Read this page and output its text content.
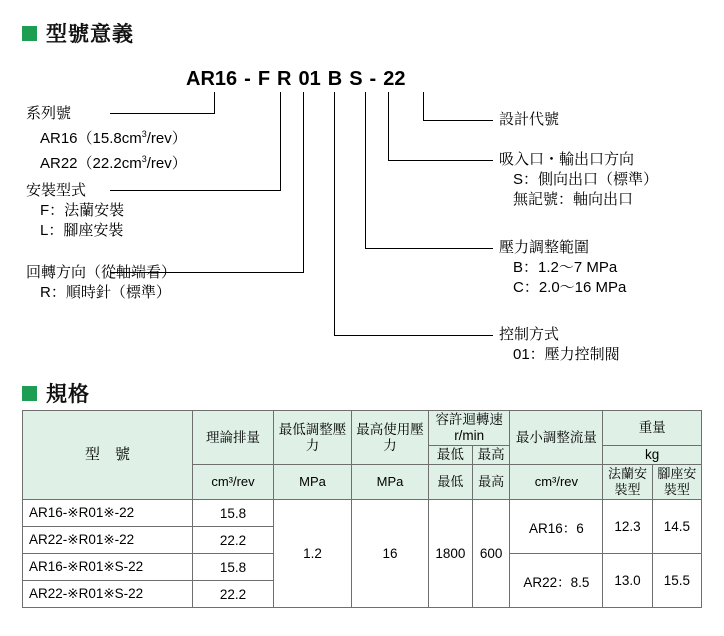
型號意義
AR16 - F R 01 B S - 22
系列號
$AR16(15.8cm^3/rev)$
$AR22(22.2cm^3/rev)$
安裝型式
F：法蘭安裝
L：腳座安裝
回轉方向（從軸端看）
R：順時針（標準）
設計代號
吸入口・輸出口方向
S：側向出口（標準）
無記號：軸向出口
壓力調整範圍
B：1.2～7 MPa
C：2.0～16 MPa
控制方式
01：壓力控制閥
規格
型　號	理論排量	最低調整壓力	最高使用壓力	容許迴轉速r/min		最小調整流量	重量	
				最低	最高		kg	
	cm³/rev	MPa	MPa	最低	最高	cm³/rev	法蘭安裝型	腳座安裝型
AR16-※R01※-22	15.8	1.2	16	1800	600	AR16：6	12.3	14.5
AR22-※R01※-22	22.2							
AR16-※R01※S-22	15.8					AR22：8.5	13.0	15.5
AR22-※R01※S-22	22.2							
